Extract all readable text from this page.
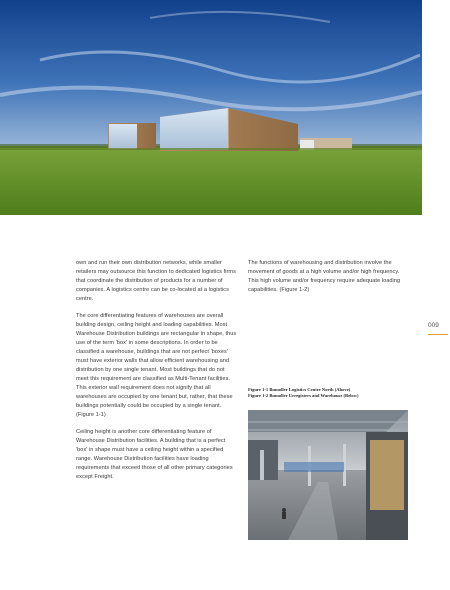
own and run their own distribution networks, while smaller retailers may outsource this function to dedicated logistics firms that coordinate the distribution of products for a number of companies. A logistics centre can be co-located at a logistics centre.

The core differentiating features of warehouses are overall building design, ceiling height and loading capabilities. Most Warehouse Distribution buildings are rectangular in shape, thus use of the term 'box' in some descriptions. In order to be classified a warehouse, buildings that are not perfect 'boxes' must have exterior walls that allow efficient warehousing and distribution by one single tenant. Most buildings that do not meet this requirement are classified as Multi-Tenant facilities. This exterior wall requirement does not signify that all warehouses are occupied by one tenant but, rather, that these buildings potentially could be occupied by a single tenant. (Figure 1-1)

Ceiling height is another core differentiating feature of Warehouse Distribution facilities. A building that is a perfect 'box' in shape must have a ceiling height within a specified range. Warehouse Distribution facilities have loading requirements that exceed those of all other primary categories except Freight.

The functions of warehousing and distribution involve the movement of goods at a high volume and/or high frequency. This high volume and/or frequency require adequate loading capabilities. (Figure 1-2)

009
Figure 1-1 Bumoller Logistics Centre North (Above)
Figure 1-2 Bumoller Urregisters and Warehouse (Below)
